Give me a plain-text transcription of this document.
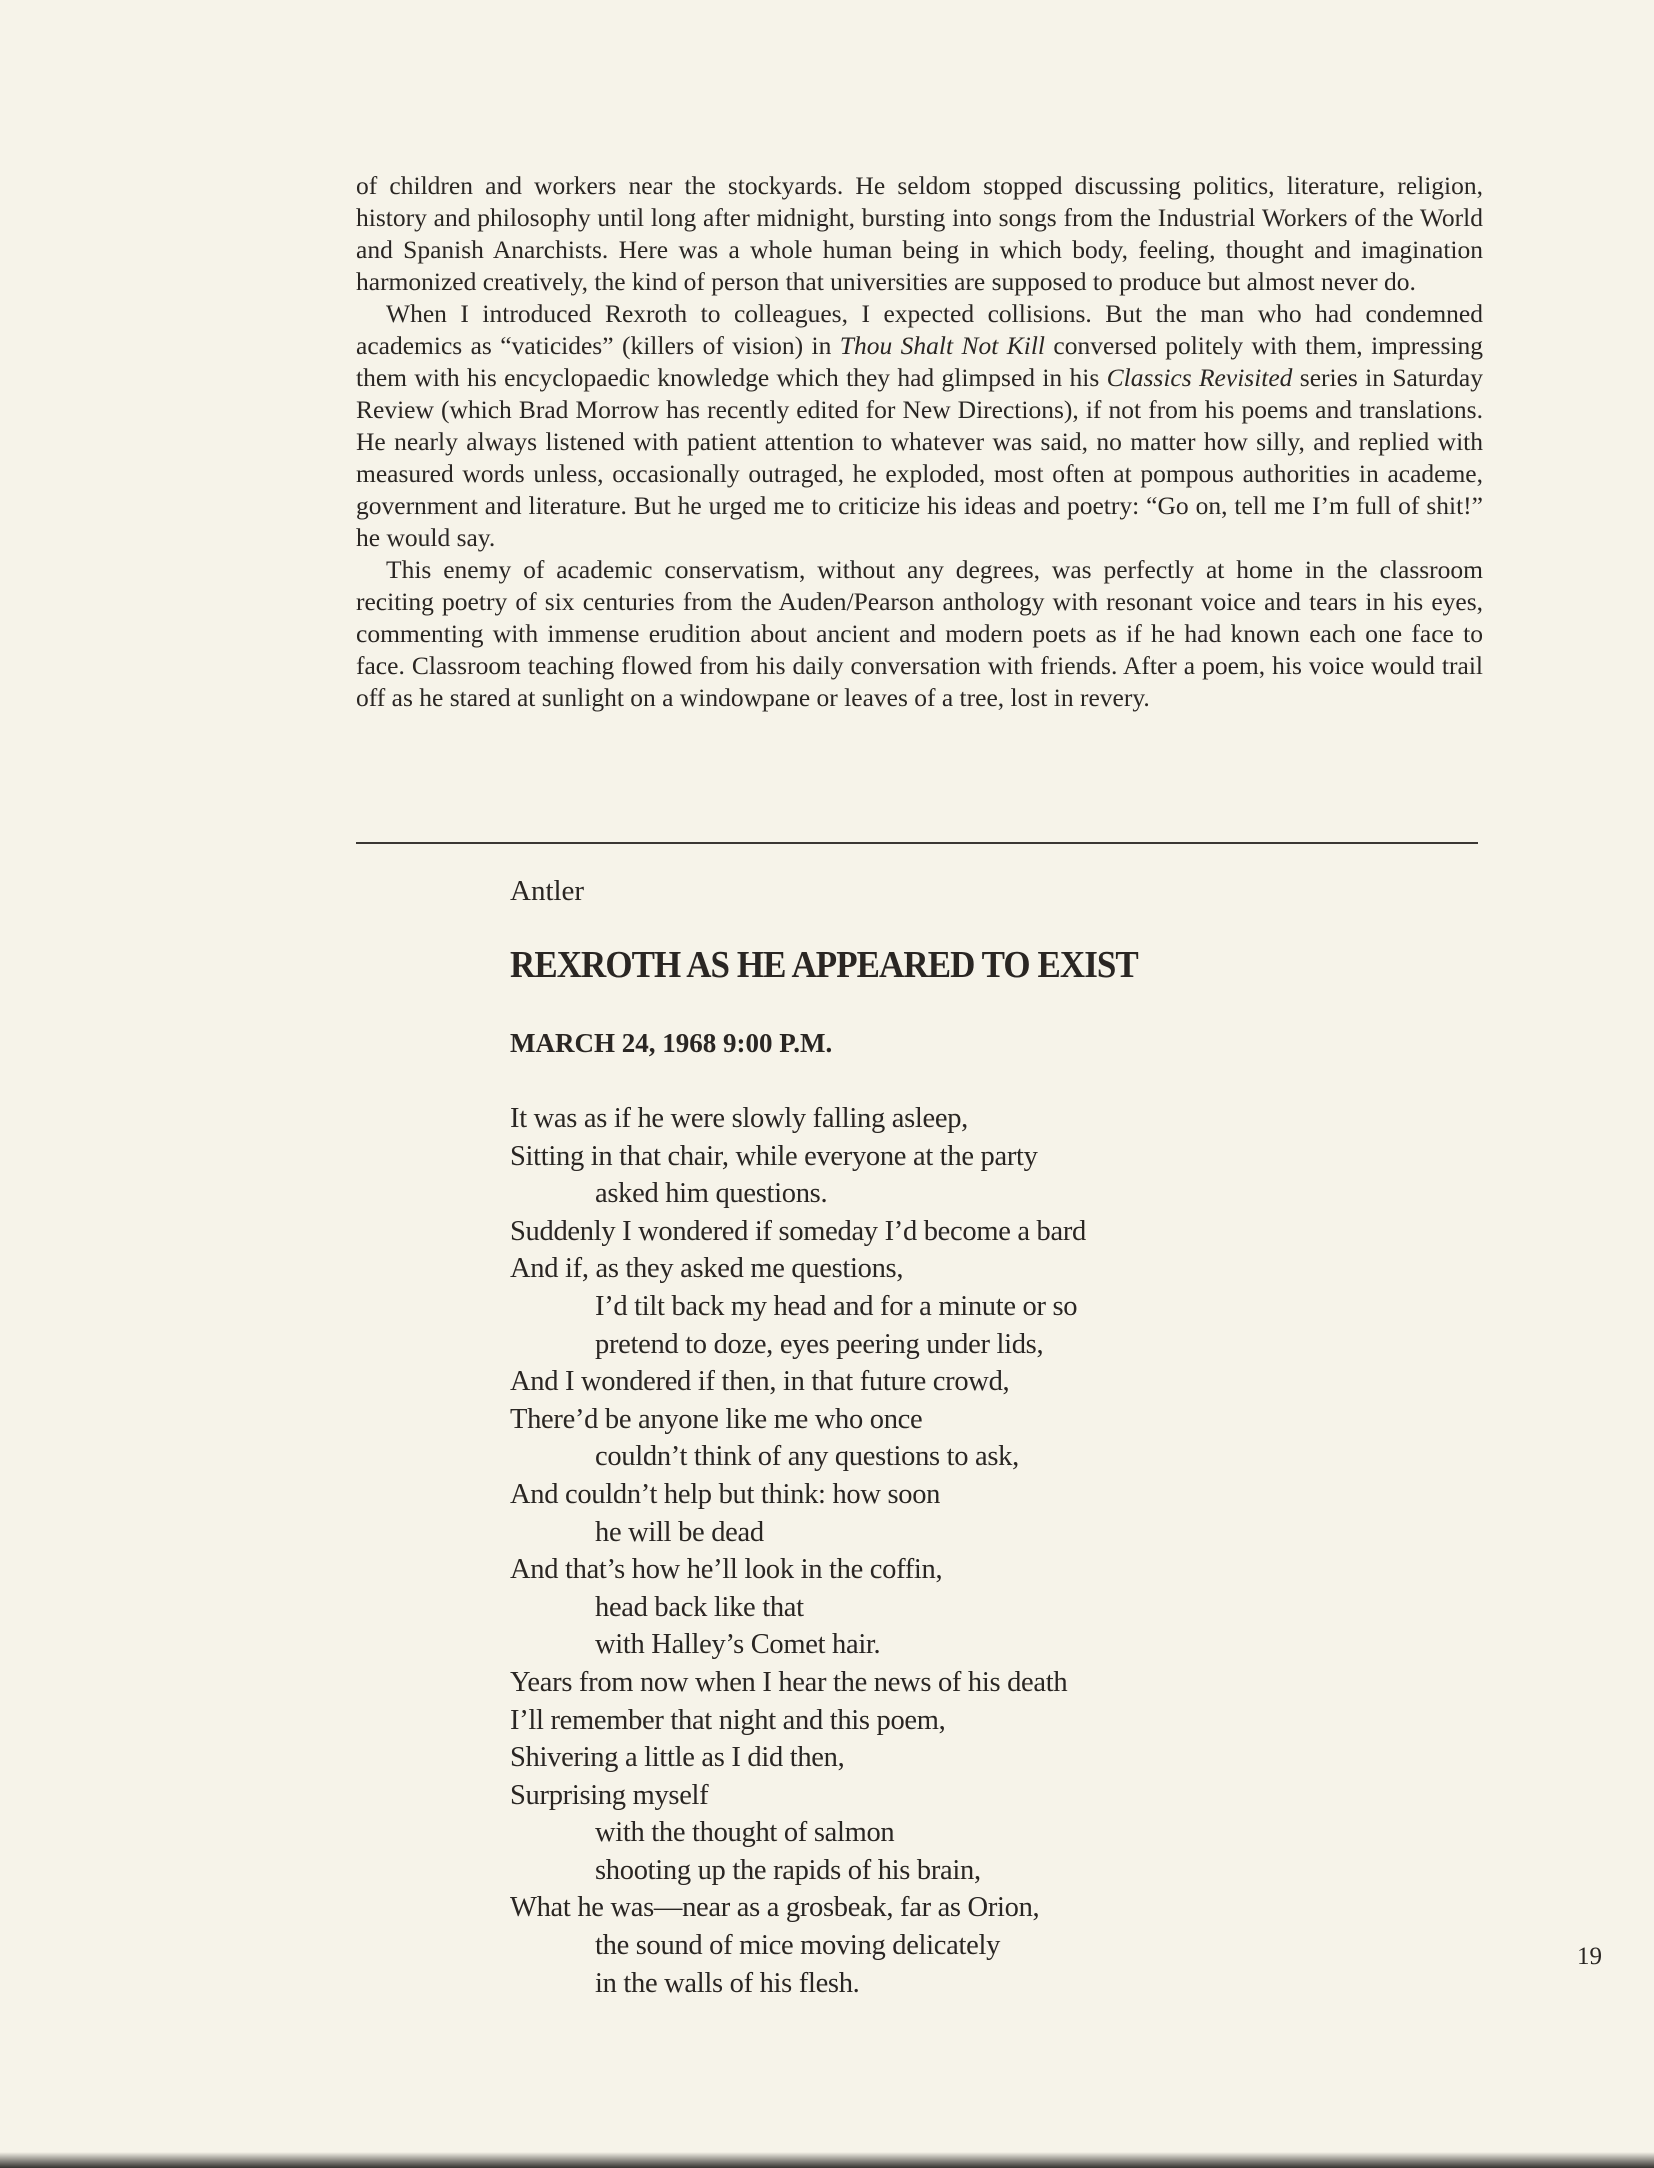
of children and workers near the stockyards. He seldom stopped discussing politics, literature, religion, history and philosophy until long after midnight, bursting into songs from the Industrial Workers of the World and Spanish Anarchists. Here was a whole human being in which body, feeling, thought and imagination harmonized creatively, the kind of person that universities are supposed to produce but almost never do.

When I introduced Rexroth to colleagues, I expected collisions. But the man who had condemned academics as “vaticides” (killers of vision) in Thou Shalt Not Kill conversed politely with them, impressing them with his encyclopaedic knowledge which they had glimpsed in his Classics Revisited series in Saturday Review (which Brad Morrow has recently edited for New Directions), if not from his poems and translations. He nearly always listened with patient attention to whatever was said, no matter how silly, and replied with measured words unless, occasionally outraged, he exploded, most often at pompous authorities in academe, government and literature. But he urged me to criticize his ideas and poetry: “Go on, tell me I’m full of shit!” he would say.

This enemy of academic conservatism, without any degrees, was perfectly at home in the classroom reciting poetry of six centuries from the Auden/Pearson anthology with resonant voice and tears in his eyes, commenting with immense erudition about ancient and modern poets as if he had known each one face to face. Classroom teaching flowed from his daily conversation with friends. After a poem, his voice would trail off as he stared at sunlight on a windowpane or leaves of a tree, lost in revery.

Antler
REXROTH AS HE APPEARED TO EXIST
MARCH 24, 1968 9:00 P.M.
It was as if he were slowly falling asleep,
Sitting in that chair, while everyone at the party
asked him questions.
Suddenly I wondered if someday I’d become a bard
And if, as they asked me questions,
I’d tilt back my head and for a minute or so
pretend to doze, eyes peering under lids,
And I wondered if then, in that future crowd,
There’d be anyone like me who once
couldn’t think of any questions to ask,
And couldn’t help but think: how soon
he will be dead
And that’s how he’ll look in the coffin,
head back like that
with Halley’s Comet hair.
Years from now when I hear the news of his death
I’ll remember that night and this poem,
Shivering a little as I did then,
Surprising myself
with the thought of salmon
shooting up the rapids of his brain,
What he was—near as a grosbeak, far as Orion,
the sound of mice moving delicately
in the walls of his flesh.
19
